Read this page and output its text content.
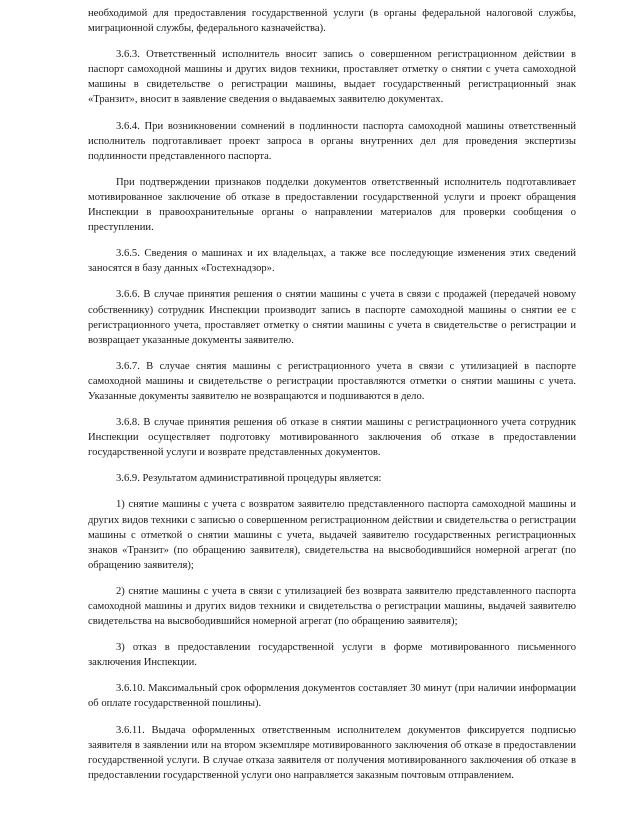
необходимой для предоставления государственной услуги (в органы федеральной налоговой службы, миграционной службы, федерального казначейства).

3.6.3. Ответственный исполнитель вносит запись о совершенном регистрационном действии в паспорт самоходной машины и других видов техники, проставляет отметку о снятии с учета самоходной машины в свидетельстве о регистрации машины, выдает государственный регистрационный знак «Транзит», вносит в заявление сведения о выдаваемых заявителю документах.

3.6.4. При возникновении сомнений в подлинности паспорта самоходной машины ответственный исполнитель подготавливает проект запроса в органы внутренних дел для проведения экспертизы подлинности представленного паспорта.

При подтверждении признаков подделки документов ответственный исполнитель подготавливает мотивированное заключение об отказе в предоставлении государственной услуги и проект обращения Инспекции в правоохранительные органы о направлении материалов для проверки сообщения о преступлении.

3.6.5. Сведения о машинах и их владельцах, а также все последующие изменения этих сведений заносятся в базу данных «Гостехнадзор».

3.6.6. В случае принятия решения о снятии машины с учета в связи с продажей (передачей новому собственнику) сотрудник Инспекции производит запись в паспорте самоходной машины о снятии ее с регистрационного учета, проставляет отметку о снятии машины с учета в свидетельстве о регистрации и возвращает указанные документы заявителю.

3.6.7. В случае снятия машины с регистрационного учета в связи с утилизацией в паспорте самоходной машины и свидетельстве о регистрации проставляются отметки о снятии машины с учета. Указанные документы заявителю не возвращаются и подшиваются в дело.

3.6.8. В случае принятия решения об отказе в снятии машины с регистрационного учета сотрудник Инспекции осуществляет подготовку мотивированного заключения об отказе в предоставлении государственной услуги и возврате представленных документов.

3.6.9. Результатом административной процедуры является:

1) снятие машины с учета с возвратом заявителю представленного паспорта самоходной машины и других видов техники с записью о совершенном регистрационном действии и свидетельства о регистрации машины с отметкой о снятии машины с учета, выдачей заявителю государственных регистрационных знаков «Транзит» (по обращению заявителя), свидетельства на высвободившийся номерной агрегат (по обращению заявителя);

2) снятие машины с учета в связи с утилизацией без возврата заявителю представленного паспорта самоходной машины и других видов техники и свидетельства о регистрации машины, выдачей заявителю свидетельства на высвободившийся номерной агрегат (по обращению заявителя);

3) отказ в предоставлении государственной услуги в форме мотивированного письменного заключения Инспекции.

3.6.10. Максимальный срок оформления документов составляет 30 минут (при наличии информации об оплате государственной пошлины).

3.6.11. Выдача оформленных ответственным исполнителем документов фиксируется подписью заявителя в заявлении или на втором экземпляре мотивированного заключения об отказе в предоставлении государственной услуги. В случае отказа заявителя от получения мотивированного заключения об отказе в предоставлении государственной услуги оно направляется заказным почтовым отправлением.
